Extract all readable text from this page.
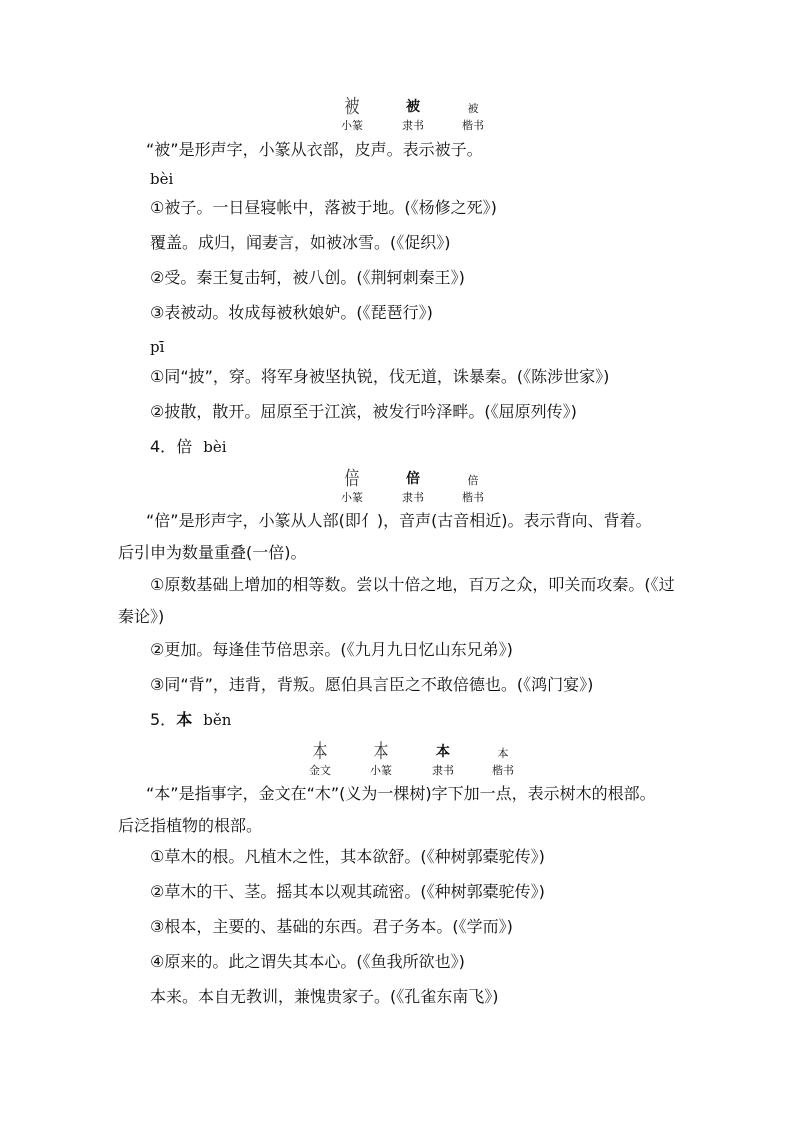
被	被	被
小篆	隶书	楷书
“被”是形声字，小篆从衣部，皮声。表示被子。
bèi
①被子。一日昼寝帐中，落被于地。(《杨修之死》)
覆盖。成归，闻妻言，如被冰雪。(《促织》)
②受。秦王复击轲，被八创。(《荆轲刺秦王》)
③表被动。妆成每被秋娘妒。(《琵琶行》)
pī
①同“披”，穿。将军身被坚执锐，伐无道，诛暴秦。(《陈涉世家》)
②披散，散开。屈原至于江滨，被发行吟泽畔。(《屈原列传》)
4．倍 bèi
倍	倍	倍
小篆	隶书	楷书
“倍”是形声字，小篆从人部(即亻)，音声(古音相近)。表示背向、背着。
后引申为数量重叠(一倍)。
①原数基础上增加的相等数。尝以十倍之地，百万之众，叩关而攻秦。(《过
秦论》)
②更加。每逢佳节倍思亲。(《九月九日忆山东兄弟》)
③同“背”，违背，背叛。愿伯具言臣之不敢倍德也。(《鸿门宴》)
5．本 běn
本	本	本	本
金文	小篆	隶书	楷书
“本”是指事字，金文在“木”(义为一棵树)字下加一点，表示树木的根部。
后泛指植物的根部。
①草木的根。凡植木之性，其本欲舒。(《种树郭橐驼传》)
②草木的干、茎。摇其本以观其疏密。(《种树郭橐驼传》)
③根本，主要的、基础的东西。君子务本。(《学而》)
④原来的。此之谓失其本心。(《鱼我所欲也》)
本来。本自无教训，兼愧贵家子。(《孔雀东南飞》)
